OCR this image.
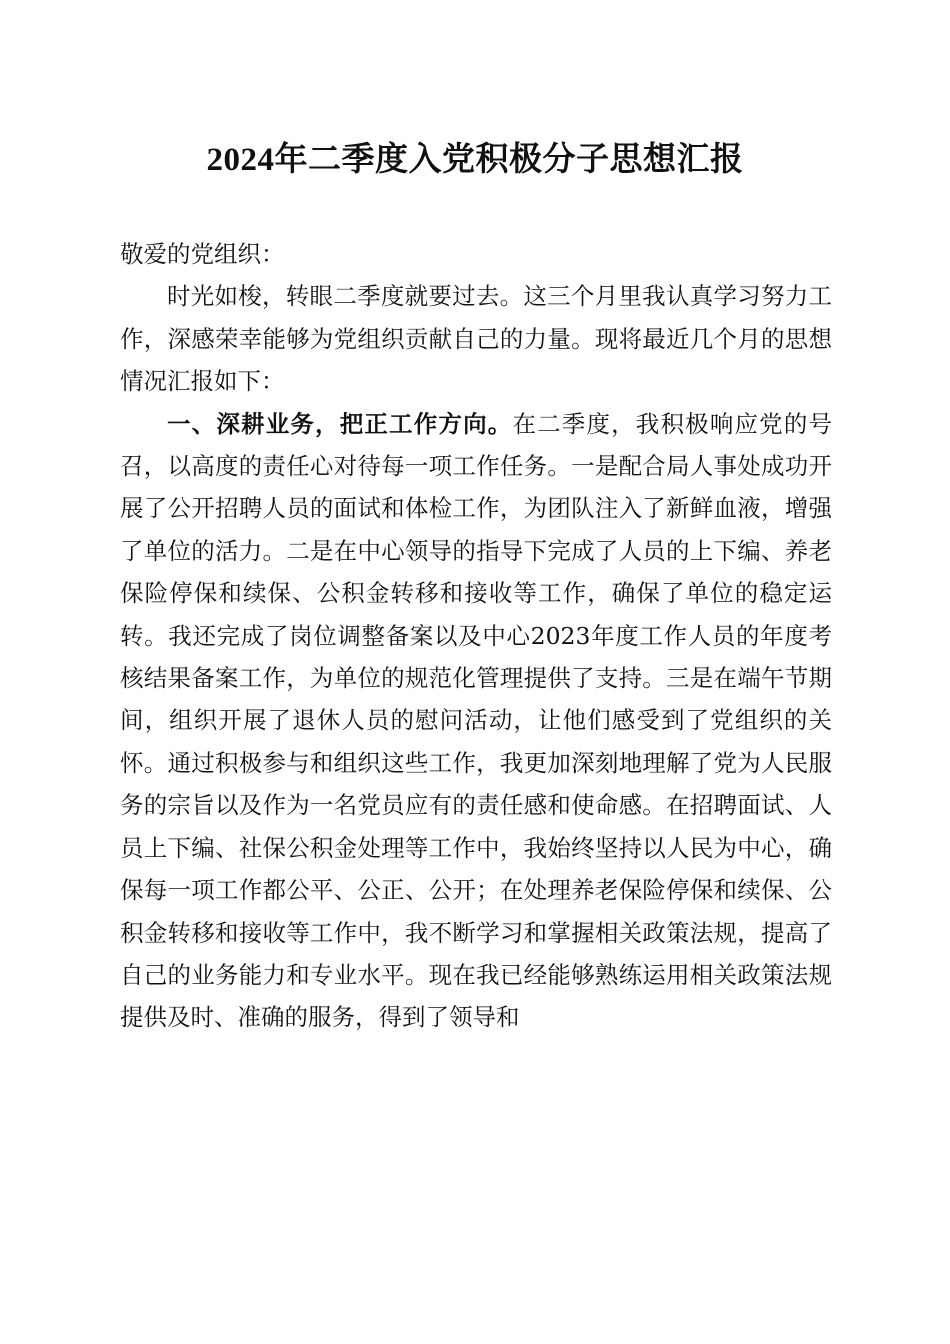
2024年二季度入党积极分子思想汇报

敬爱的党组织：

时光如梭，转眼二季度就要过去。这三个月里我认真学习努力工作，深感荣幸能够为党组织贡献自己的力量。现将最近几个月的思想情况汇报如下：

一、深耕业务，把正工作方向。在二季度，我积极响应党的号召，以高度的责任心对待每一项工作任务。一是配合局人事处成功开展了公开招聘人员的面试和体检工作，为团队注入了新鲜血液，增强了单位的活力。二是在中心领导的指导下完成了人员的上下编、养老保险停保和续保、公积金转移和接收等工作，确保了单位的稳定运转。我还完成了岗位调整备案以及中心2023年度工作人员的年度考核结果备案工作，为单位的规范化管理提供了支持。三是在端午节期间，组织开展了退休人员的慰问活动，让他们感受到了党组织的关怀。通过积极参与和组织这些工作，我更加深刻地理解了党为人民服务的宗旨以及作为一名党员应有的责任感和使命感。在招聘面试、人员上下编、社保公积金处理等工作中，我始终坚持以人民为中心，确保每一项工作都公平、公正、公开；在处理养老保险停保和续保、公积金转移和接收等工作中，我不断学习和掌握相关政策法规，提高了自己的业务能力和专业水平。现在我已经能够熟练运用相关政策法规提供及时、准确的服务，得到了领导和
